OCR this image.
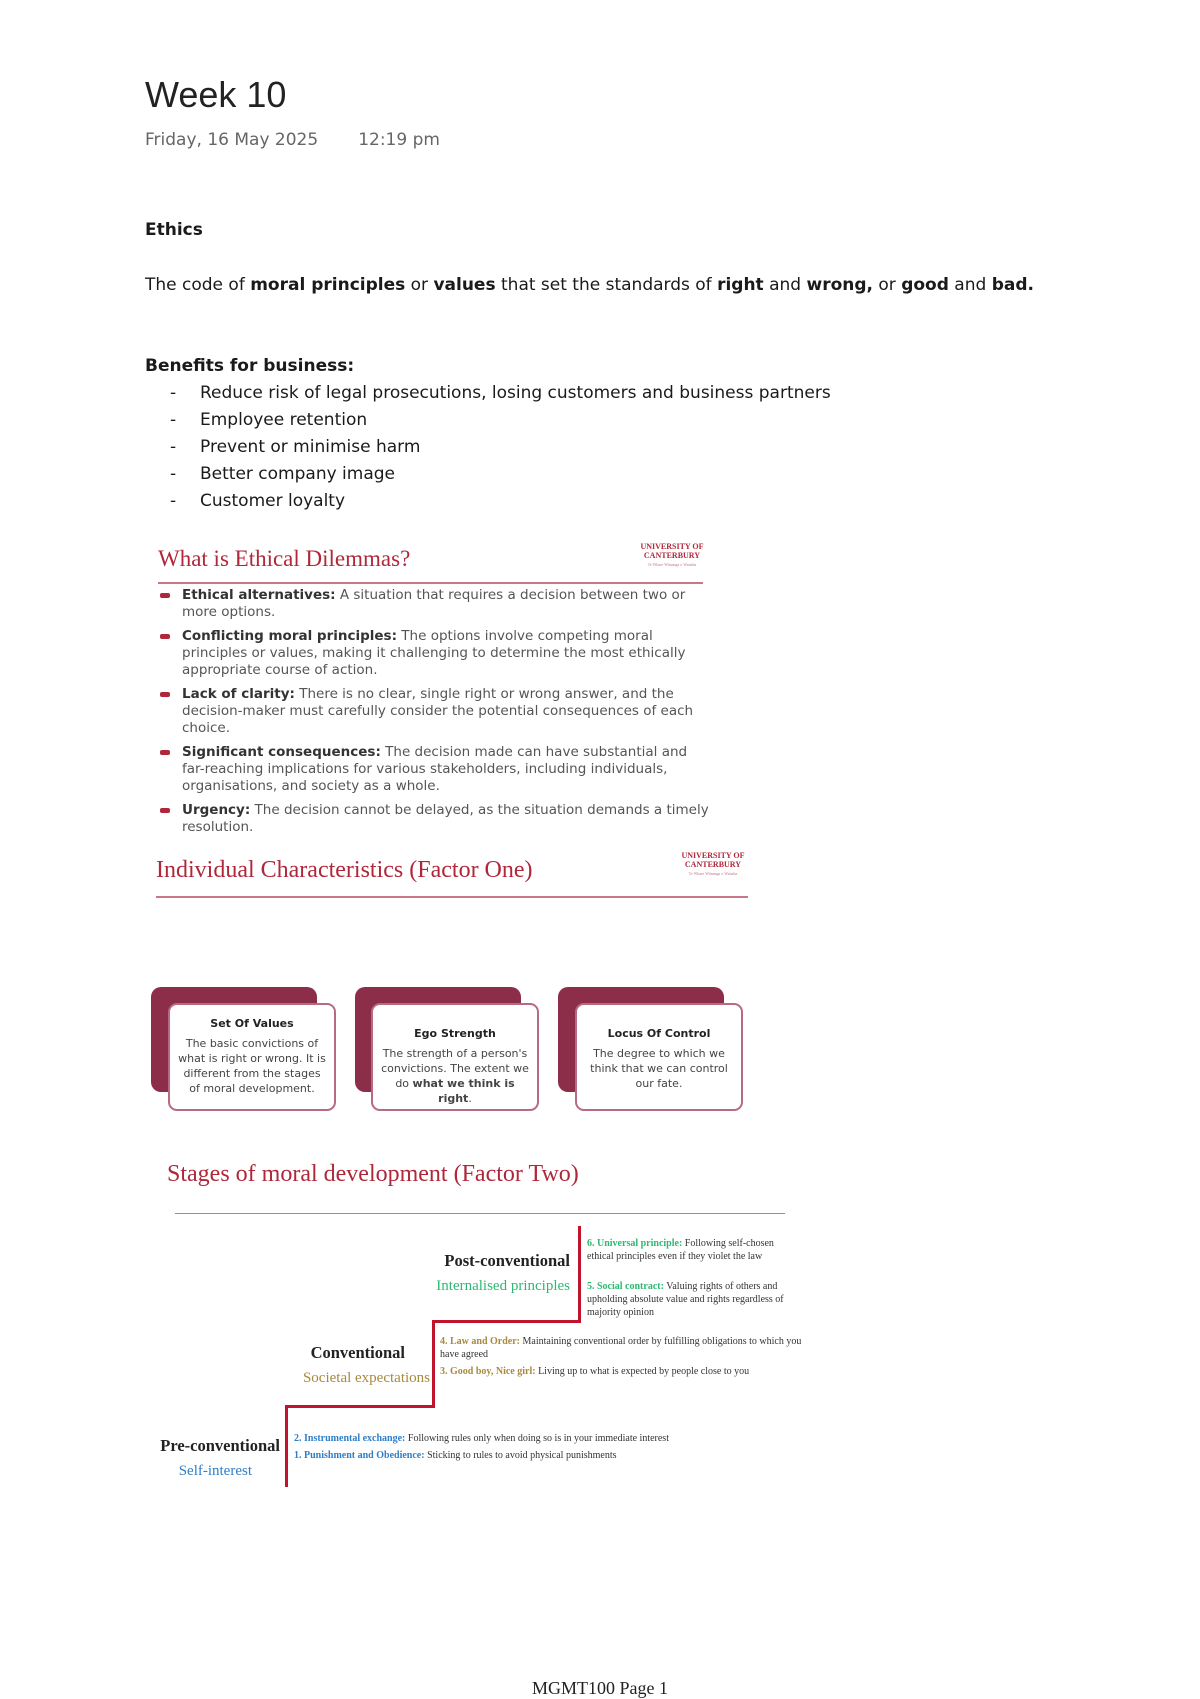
Week 10
Friday, 16 May 2025 12:19 pm
Ethics
The code of moral principles or values that set the standards of right and wrong, or good and bad.
Benefits for business:
- Reduce risk of legal prosecutions, losing customers and business partners
- Employee retention
- Prevent or minimise harm
- Better company image
- Customer loyalty
What is Ethical Dilemmas?	UNIVERSITY OF
CANTERBURY
Te Whare Wānanga o Waitaha
Ethical alternatives: A situation that requires a decision between two or more options.
Conflicting moral principles: The options involve competing moral principles or values, making it challenging to determine the most ethically appropriate course of action.
Lack of clarity: There is no clear, single right or wrong answer, and the decision-maker must carefully consider the potential consequences of each choice.
Significant consequences: The decision made can have substantial and far-reaching implications for various stakeholders, including individuals, organisations, and society as a whole.
Urgency: The decision cannot be delayed, as the situation demands a timely resolution.
Individual Characteristics (Factor One)
UNIVERSITY OF
CANTERBURY
Te Whare Wānanga o Waitaha
Set Of Values
The basic convictions of what is right or wrong. It is different from the stages of moral development.
Ego Strength
The strength of a person's convictions. The extent we do what we think is right.
Locus Of Control
The degree to which we think that we can control our fate.
Stages of moral development (Factor Two)
Post-conventional
Internalised principles
Conventional
Societal expectations
Pre-conventional
Self-interest
6. Universal principle: Following self-chosen ethical principles even if they violet the law
5. Social contract: Valuing rights of others and upholding absolute value and rights regardless of majority opinion
4. Law and Order: Maintaining conventional order by fulfilling obligations to which you have agreed
3. Good boy, Nice girl: Living up to what is expected by people close to you
2. Instrumental exchange: Following rules only when doing so is in your immediate interest
1. Punishment and Obedience: Sticking to rules to avoid physical punishments
MGMT100 Page 1
